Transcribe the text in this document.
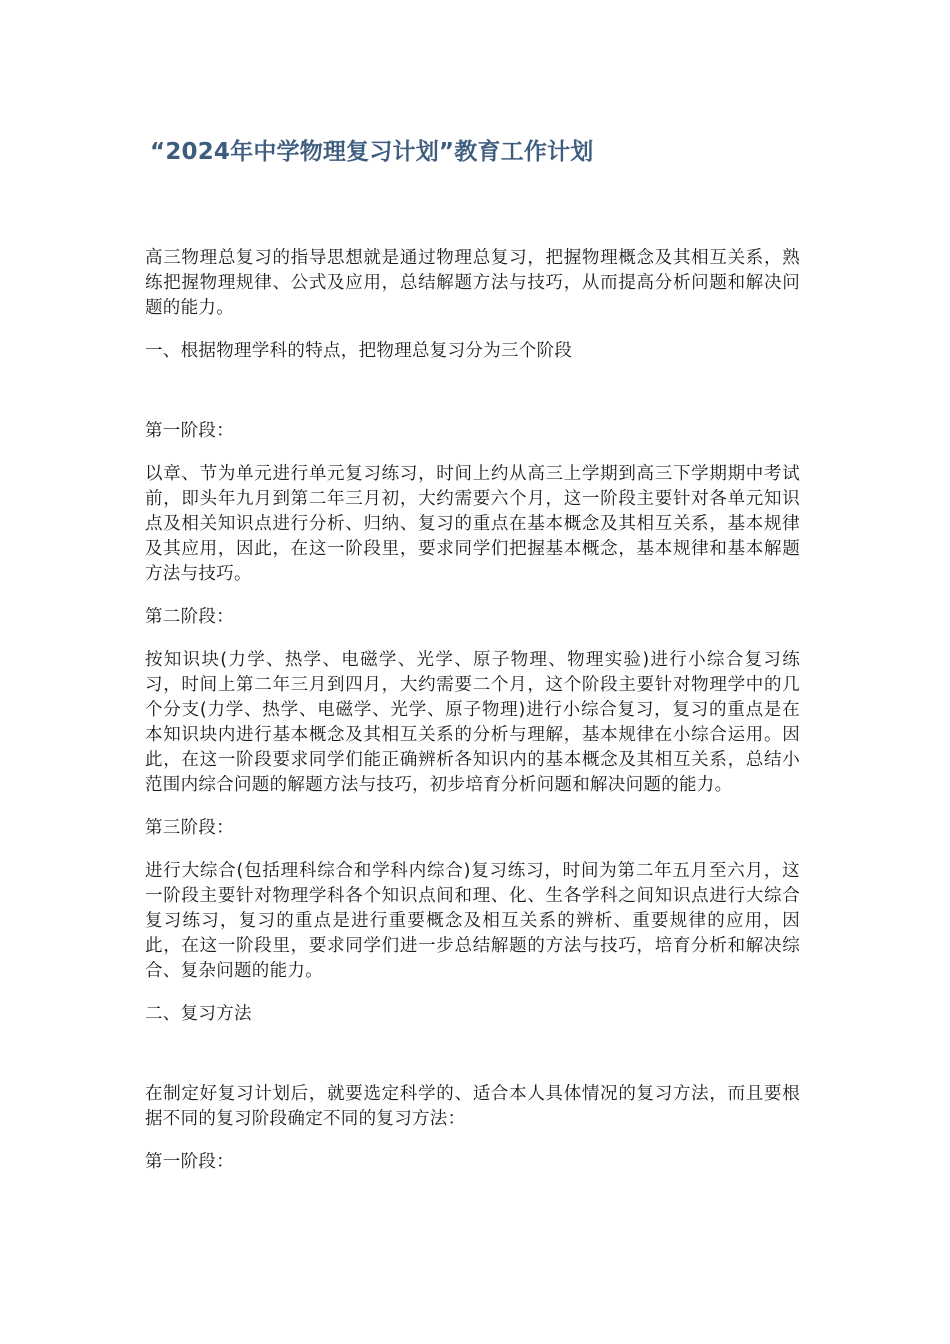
“2024年中学物理复习计划”教育工作计划

高三物理总复习的指导思想就是通过物理总复习，把握物理概念及其相互关系，熟练把握物理规律、公式及应用，总结解题方法与技巧，从而提高分析问题和解决问题的能力。

一、根据物理学科的特点，把物理总复习分为三个阶段

第一阶段：

以章、节为单元进行单元复习练习，时间上约从高三上学期到高三下学期期中考试前，即头年九月到第二年三月初，大约需要六个月，这一阶段主要针对各单元知识点及相关知识点进行分析、归纳、复习的重点在基本概念及其相互关系，基本规律及其应用，因此，在这一阶段里，要求同学们把握基本概念，基本规律和基本解题方法与技巧。

第二阶段：

按知识块(力学、热学、电磁学、光学、原子物理、物理实验)进行小综合复习练习，时间上第二年三月到四月，大约需要二个月，这个阶段主要针对物理学中的几个分支(力学、热学、电磁学、光学、原子物理)进行小综合复习，复习的重点是在本知识块内进行基本概念及其相互关系的分析与理解，基本规律在小综合运用。因此，在这一阶段要求同学们能正确辨析各知识内的基本概念及其相互关系，总结小范围内综合问题的解题方法与技巧，初步培育分析问题和解决问题的能力。

第三阶段：

进行大综合(包括理科综合和学科内综合)复习练习，时间为第二年五月至六月，这一阶段主要针对物理学科各个知识点间和理、化、生各学科之间知识点进行大综合复习练习，复习的重点是进行重要概念及相互关系的辨析、重要规律的应用，因此，在这一阶段里，要求同学们进一步总结解题的方法与技巧，培育分析和解决综合、复杂问题的能力。

二、复习方法

在制定好复习计划后，就要选定科学的、适合本人具体情况的复习方法，而且要根据不同的复习阶段确定不同的复习方法：

第一阶段：
